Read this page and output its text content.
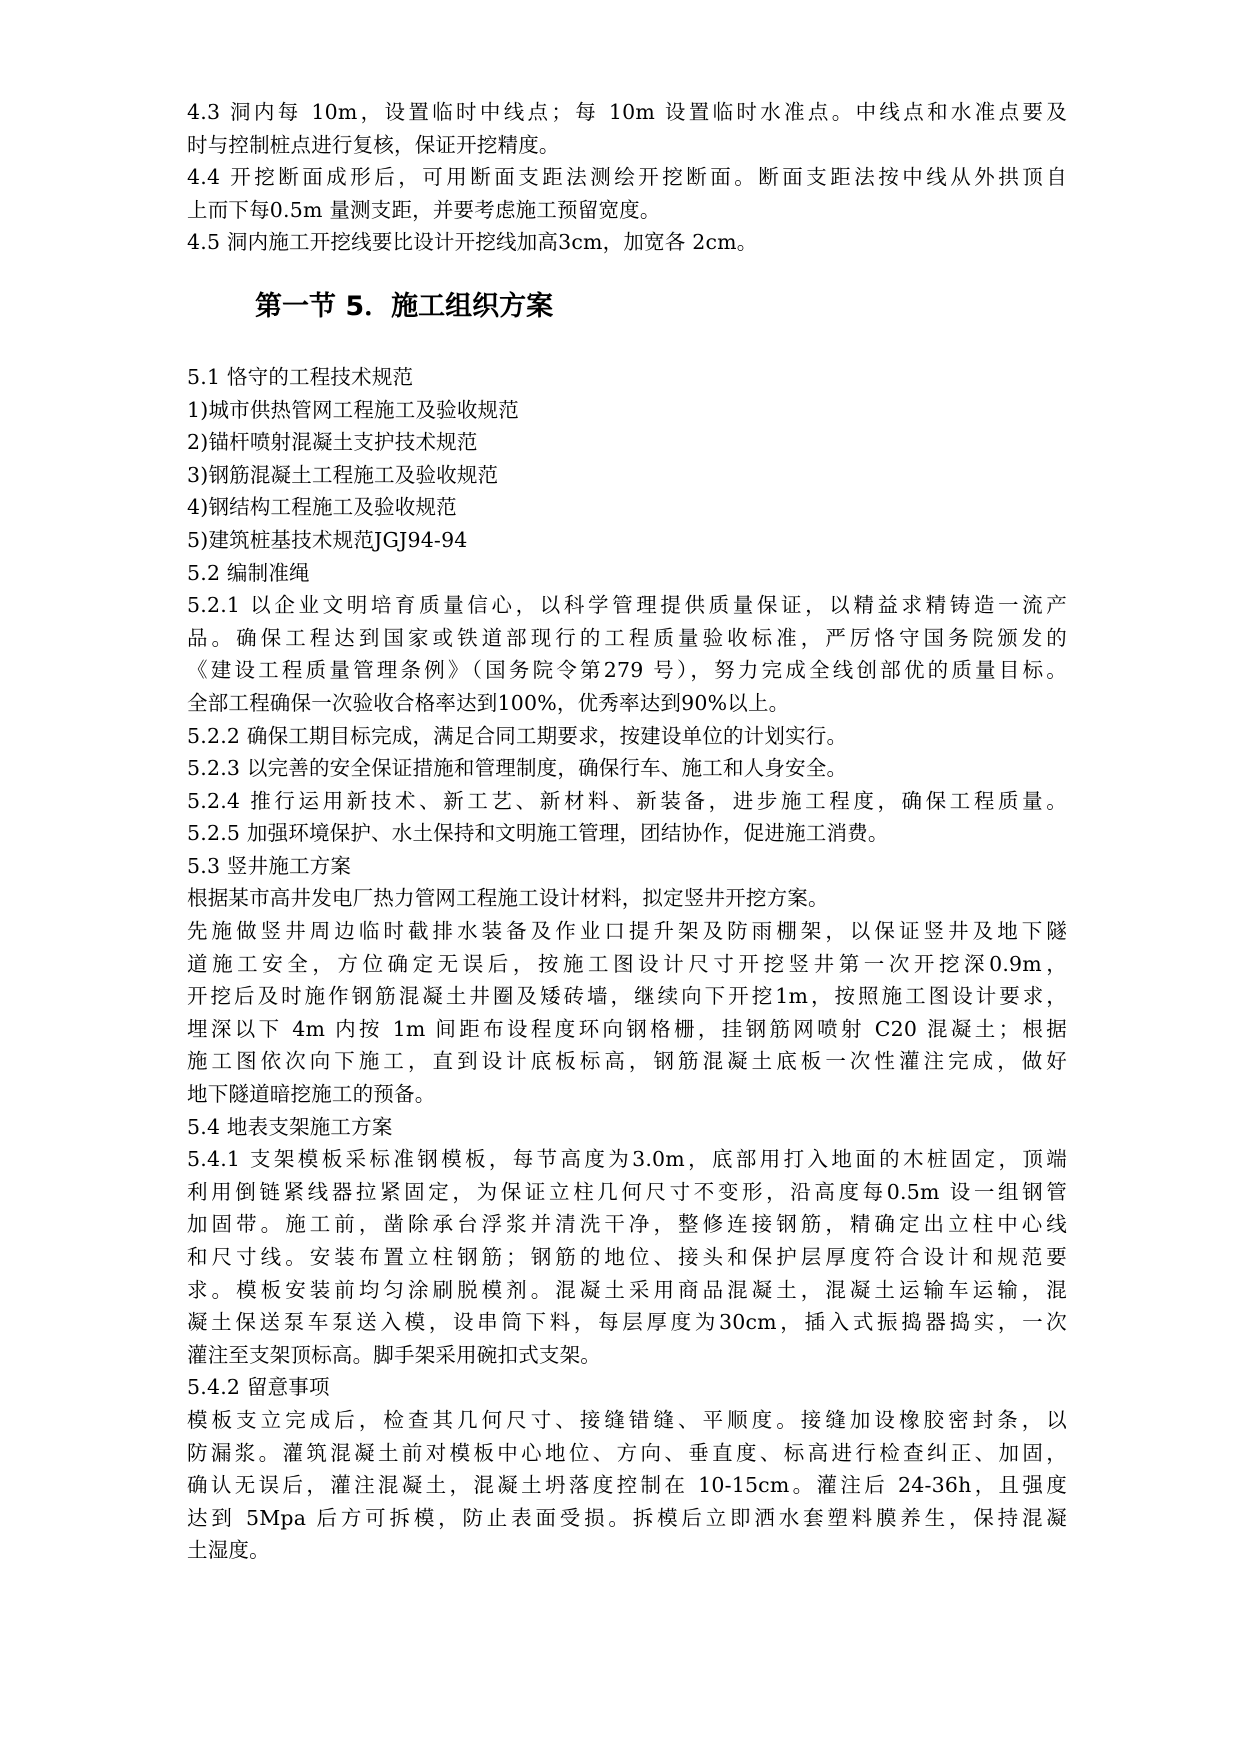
4.3 洞内每 10m，设置临时中线点；每 10m 设置临时水准点。中线点和水准点要及
时与控制桩点进行复核，保证开挖精度。
4.4 开挖断面成形后，可用断面支距法测绘开挖断面。断面支距法按中线从外拱顶自
上而下每0.5m 量测支距，并要考虑施工预留宽度。
4.5 洞内施工开挖线要比设计开挖线加高3cm，加宽各 2cm。
第一节 5．施工组织方案
5.1 恪守的工程技术规范
1)城市供热管网工程施工及验收规范
2)锚杆喷射混凝土支护技术规范
3)钢筋混凝土工程施工及验收规范
4)钢结构工程施工及验收规范
5)建筑桩基技术规范JGJ94-94
5.2 编制准绳
5.2.1 以企业文明培育质量信心，以科学管理提供质量保证，以精益求精铸造一流产
品。确保工程达到国家或铁道部现行的工程质量验收标准，严厉恪守国务院颁发的
《建设工程质量管理条例》（国务院令第279 号），努力完成全线创部优的质量目标。
全部工程确保一次验收合格率达到100%，优秀率达到90%以上。
5.2.2 确保工期目标完成，满足合同工期要求，按建设单位的计划实行。
5.2.3 以完善的安全保证措施和管理制度，确保行车、施工和人身安全。
5.2.4 推行运用新技术、新工艺、新材料、新装备，进步施工程度，确保工程质量。
5.2.5 加强环境保护、水土保持和文明施工管理，团结协作，促进施工消费。
5.3 竖井施工方案
根据某市高井发电厂热力管网工程施工设计材料，拟定竖井开挖方案。
先施做竖井周边临时截排水装备及作业口提升架及防雨棚架，以保证竖井及地下隧
道施工安全，方位确定无误后，按施工图设计尺寸开挖竖井第一次开挖深0.9m，
开挖后及时施作钢筋混凝土井圈及矮砖墙，继续向下开挖1m，按照施工图设计要求，
埋深以下 4m 内按 1m 间距布设程度环向钢格栅，挂钢筋网喷射 C20 混凝土；根据
施工图依次向下施工，直到设计底板标高，钢筋混凝土底板一次性灌注完成，做好
地下隧道暗挖施工的预备。
5.4 地表支架施工方案
5.4.1 支架模板采标准钢模板，每节高度为3.0m，底部用打入地面的木桩固定，顶端
利用倒链紧线器拉紧固定，为保证立柱几何尺寸不变形，沿高度每0.5m 设一组钢管
加固带。施工前，凿除承台浮浆并清洗干净，整修连接钢筋，精确定出立柱中心线
和尺寸线。安装布置立柱钢筋；钢筋的地位、接头和保护层厚度符合设计和规范要
求。模板安装前均匀涂刷脱模剂。混凝土采用商品混凝土，混凝土运输车运输，混
凝土保送泵车泵送入模，设串筒下料，每层厚度为30cm，插入式振捣器捣实，一次
灌注至支架顶标高。脚手架采用碗扣式支架。
5.4.2 留意事项
模板支立完成后，检查其几何尺寸、接缝错缝、平顺度。接缝加设橡胶密封条，以
防漏浆。灌筑混凝土前对模板中心地位、方向、垂直度、标高进行检查纠正、加固，
确认无误后，灌注混凝土，混凝土坍落度控制在 10-15cm。灌注后 24-36h，且强度
达到 5Mpa 后方可拆模，防止表面受损。拆模后立即洒水套塑料膜养生，保持混凝
土湿度。
